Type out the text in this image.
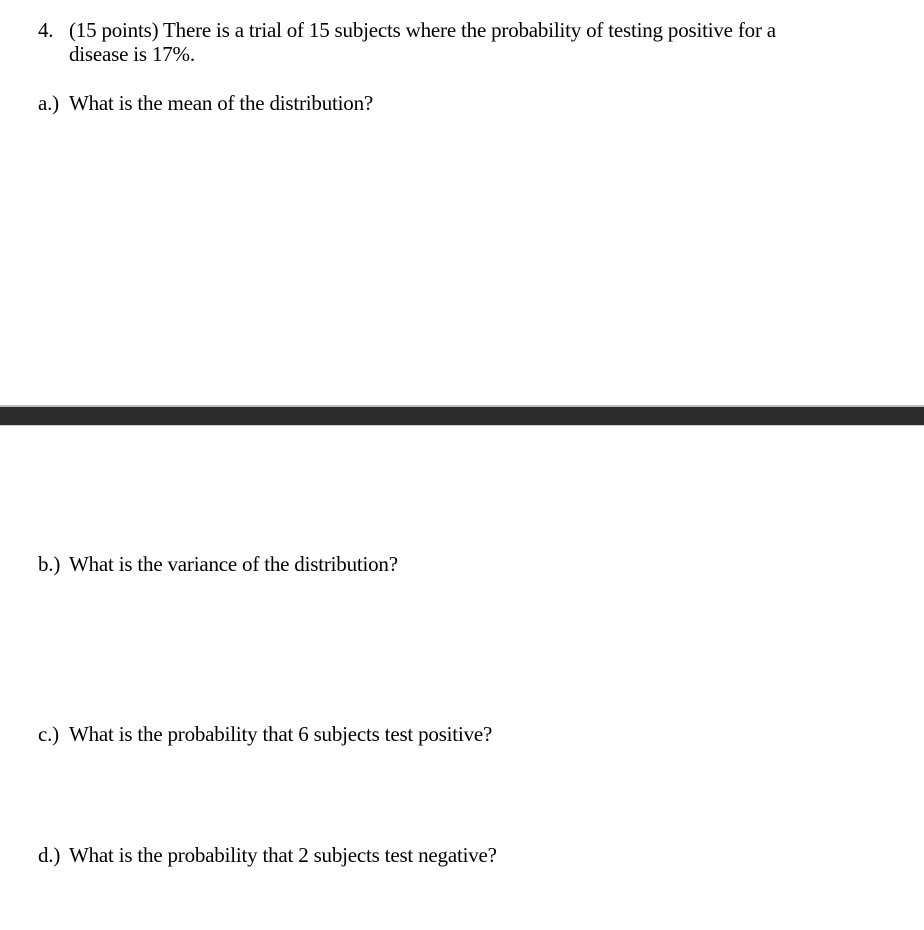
4. (15 points) There is a trial of 15 subjects where the probability of testing positive for a
disease is 17%.
a.) What is the mean of the distribution?
b.) What is the variance of the distribution?
c.) What is the probability that 6 subjects test positive?
d.) What is the probability that 2 subjects test negative?
